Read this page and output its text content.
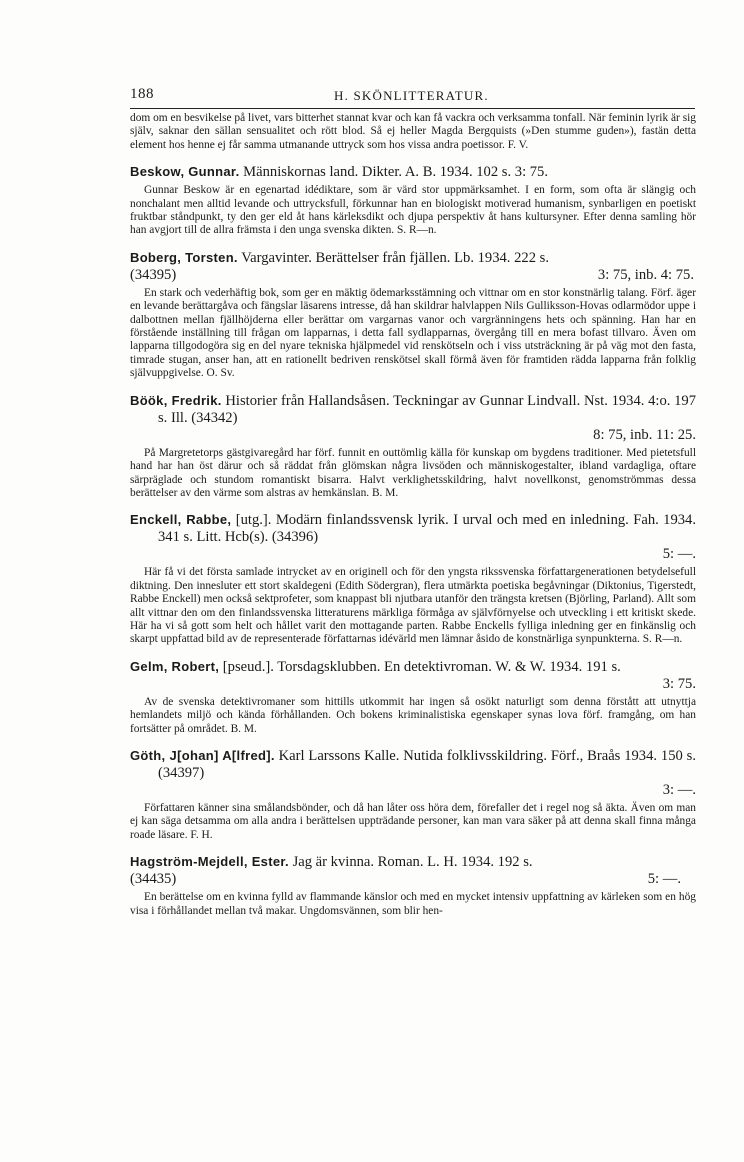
188	H. SKÖNLITTERATUR.

dom om en besvikelse på livet, vars bitterhet stannat kvar och kan få vackra och verksamma tonfall. När feminin lyrik är sig själv, saknar den sällan sensualitet och rött blod. Så ej heller Magda Bergquists (»Den stumme guden»), fastän detta element hos henne ej får samma utmanande uttryck som hos vissa andra poetissor. F. V.

Beskow, Gunnar. Människornas land. Dikter. A. B. 1934. 102 s. 3: 75.

Gunnar Beskow är en egenartad idédiktare, som är värd stor uppmärksamhet. I en form, som ofta är slängig och nonchalant men alltid levande och uttrycksfull, förkunnar han en biologiskt motiverad humanism, synbarligen en poetiskt fruktbar ståndpunkt, ty den ger eld åt hans kärleksdikt och djupa perspektiv åt hans kultursyner. Efter denna samling hör han avgjort till de allra främsta i den unga svenska dikten. S. R—n.

Boberg, Torsten. Vargavinter. Berättelser från fjällen. Lb. 1934. 222 s.
(34395)	3: 75, inb. 4: 75.

En stark och vederhäftig bok, som ger en mäktig ödemarksstämning och vittnar om en stor konstnärlig talang. Förf. äger en levande berättargåva och fängslar läsarens intresse, då han skildrar halvlappen Nils Gulliksson-Hovas odlarmödor uppe i dalbottnen mellan fjällhöjderna eller berättar om vargarnas vanor och vargränningens hets och spänning. Han har en förstående inställning till frågan om lapparnas, i detta fall sydlapparnas, övergång till en mera bofast tillvaro. Även om lapparna tillgodogöra sig en del nyare tekniska hjälpmedel vid renskötseln och i viss utsträckning är på väg mot den fasta, timrade stugan, anser han, att en rationellt bedriven renskötsel skall förmå även för framtiden rädda lapparna från folklig självuppgivelse. O. Sv.

Böök, Fredrik. Historier från Hallandsåsen. Teckningar av Gunnar Lindvall. Nst. 1934. 4:o. 197 s. Ill. (34342)
8: 75, inb. 11: 25.

På Margretetorps gästgivaregård har förf. funnit en outtömlig källa för kunskap om bygdens traditioner. Med pietetsfull hand har han öst därur och så räddat från glömskan några livsöden och människogestalter, ibland vardagliga, oftare särpräglade och stundom romantiskt bisarra. Halvt verklighetsskildring, halvt novellkonst, genomströmmas dessa berättelser av den värme som alstras av hemkänslan. B. M.

Enckell, Rabbe, [utg.]. Modärn finlandssvensk lyrik. I urval och med en inledning. Fah. 1934. 341 s. Litt. Hcb(s). (34396)
5: —.

Här få vi det första samlade intrycket av en originell och för den yngsta rikssvenska författargenerationen betydelsefull diktning. Den innesluter ett stort skaldegeni (Edith Södergran), flera utmärkta poetiska begåvningar (Diktonius, Tigerstedt, Rabbe Enckell) men också sektprofeter, som knappast bli njutbara utanför den trängsta kretsen (Björling, Parland). Allt som allt vittnar den om den finlandssvenska litteraturens märkliga förmåga av självförnyelse och utveckling i ett kritiskt skede. Här ha vi så gott som helt och hållet varit den mottagande parten. Rabbe Enckells fylliga inledning ger en finkänslig och skarpt uppfattad bild av de representerade författarnas idévärld men lämnar åsido de konstnärliga synpunkterna. S. R—n.

Gelm, Robert, [pseud.]. Torsdagsklubben. En detektivroman. W. & W. 1934. 191 s.
3: 75.

Av de svenska detektivromaner som hittills utkommit har ingen så osökt naturligt som denna förstått att utnyttja hemlandets miljö och kända förhållanden. Och bokens kriminalistiska egenskaper synas lova förf. framgång, om han fortsätter på området. B. M.

Göth, J[ohan] A[lfred]. Karl Larssons Kalle. Nutida folklivsskildring. Förf., Braås 1934. 150 s. (34397)
3: —.

Författaren känner sina smålandsbönder, och då han låter oss höra dem, förefaller det i regel nog så äkta. Även om man ej kan säga detsamma om alla andra i berättelsen uppträdande personer, kan man vara säker på att denna skall finna många roade läsare. F. H.

Hagström-Mejdell, Ester. Jag är kvinna. Roman. L. H. 1934. 192 s.
(34435)	5: —.

En berättelse om en kvinna fylld av flammande känslor och med en mycket intensiv uppfattning av kärleken som en hög visa i förhållandet mellan två makar. Ungdomsvännen, som blir hen-
